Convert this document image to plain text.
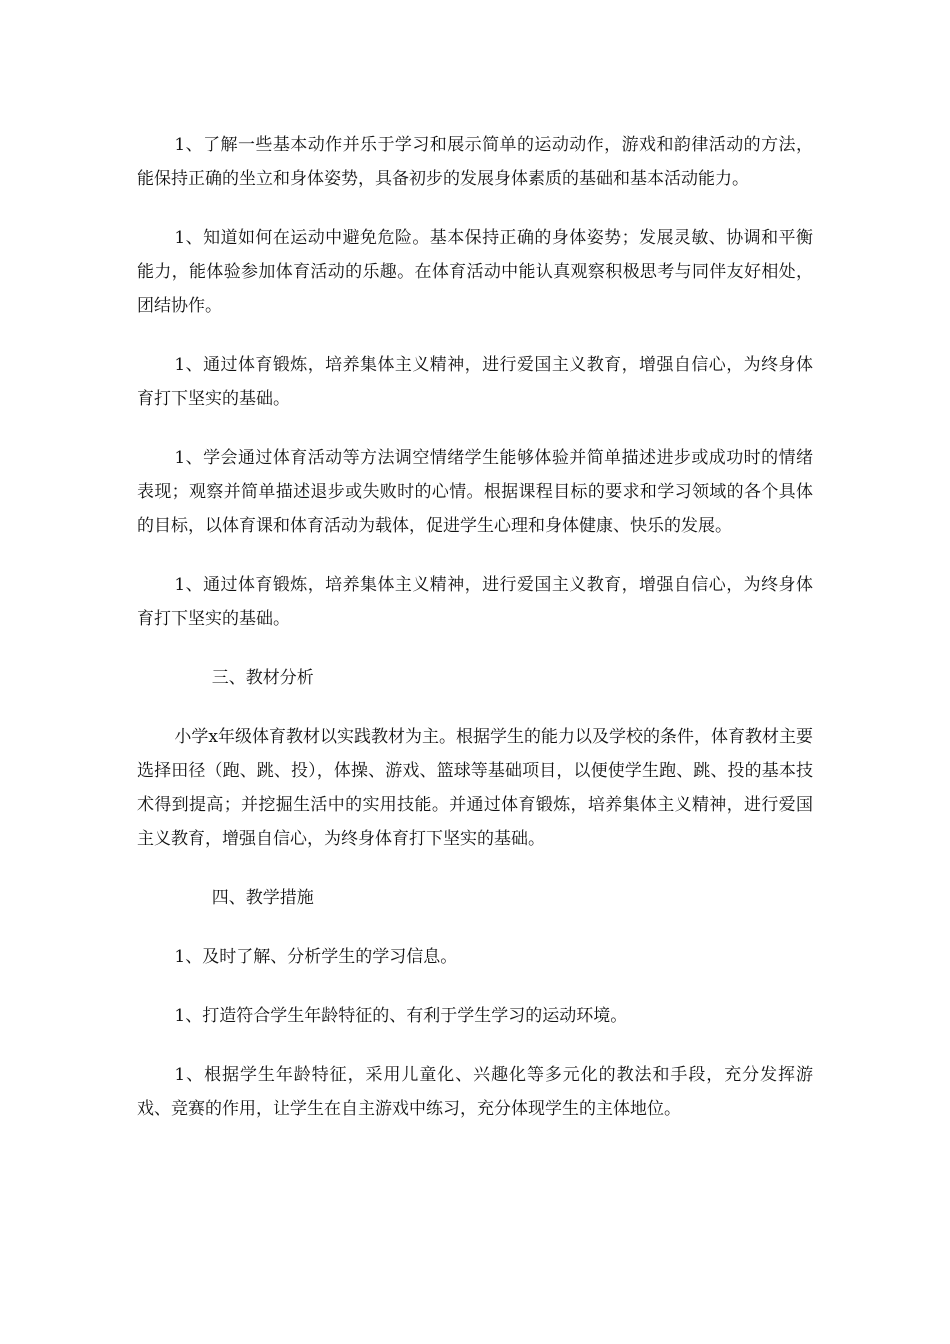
1、了解一些基本动作并乐于学习和展示简单的运动动作，游戏和韵律活动的方法，能保持正确的坐立和身体姿势，具备初步的发展身体素质的基础和基本活动能力。

1、知道如何在运动中避免危险。基本保持正确的身体姿势；发展灵敏、协调和平衡能力，能体验参加体育活动的乐趣。在体育活动中能认真观察积极思考与同伴友好相处，团结协作。

1、通过体育锻炼，培养集体主义精神，进行爱国主义教育，增强自信心，为终身体育打下坚实的基础。

1、学会通过体育活动等方法调空情绪学生能够体验并简单描述进步或成功时的情绪表现；观察并简单描述退步或失败时的心情。根据课程目标的要求和学习领域的各个具体的目标，以体育课和体育活动为载体，促进学生心理和身体健康、快乐的发展。

1、通过体育锻炼，培养集体主义精神，进行爱国主义教育，增强自信心，为终身体育打下坚实的基础。

三、教材分析

小学x年级体育教材以实践教材为主。根据学生的能力以及学校的条件，体育教材主要选择田径（跑、跳、投），体操、游戏、篮球等基础项目，以便使学生跑、跳、投的基本技术得到提高；并挖掘生活中的实用技能。并通过体育锻炼，培养集体主义精神，进行爱国主义教育，增强自信心，为终身体育打下坚实的基础。

四、教学措施

1、及时了解、分析学生的学习信息。

1、打造符合学生年龄特征的、有利于学生学习的运动环境。

1、根据学生年龄特征，采用儿童化、兴趣化等多元化的教法和手段，充分发挥游戏、竞赛的作用，让学生在自主游戏中练习，充分体现学生的主体地位。
